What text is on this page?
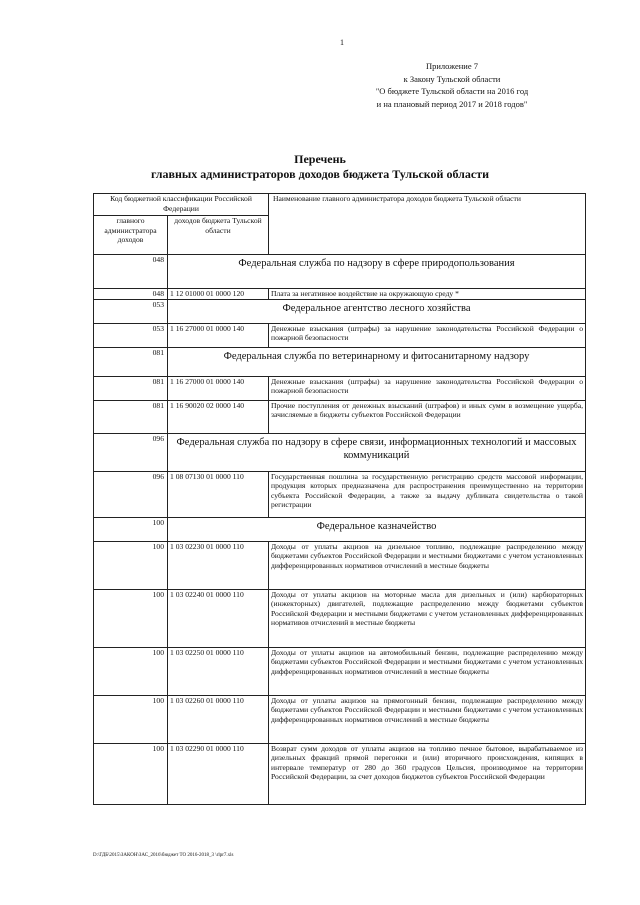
1
Приложение 7
к Закону Тульской области
"О бюджете Тульской области на 2016 год
и на плановый период 2017 и 2018 годов"
Перечень
главных администраторов доходов бюджета Тульской области
Код бюджетной классификации Российской Федерации		Наименование главного администратора доходов бюджета Тульской области
главного администратора доходов	доходов бюджета Тульской области	
048	Федеральная служба по надзору в сфере природопользования	
048	1 12 01000 01 0000 120	Плата за негативное воздействие на окружающую среду *
053	Федеральное агентство лесного хозяйства	
053	1 16 27000 01 0000 140	Денежные взыскания (штрафы) за нарушение законодательства Российской Федерации о пожарной безопасности
081	Федеральная служба по ветеринарному и фитосанитарному надзору	
081	1 16 27000 01 0000 140	Денежные взыскания (штрафы) за нарушение законодательства Российской Федерации о пожарной безопасности
081	1 16 90020 02 0000 140	Прочие поступления от денежных взысканий (штрафов) и иных сумм в возмещение ущерба, зачисляемые в бюджеты субъектов Российской Федерации
096	Федеральная служба по надзору в сфере связи, информационных технологий и массовых коммуникаций	
096	1 08 07130 01 0000 110	Государственная пошлина за государственную регистрацию средств массовой информации, продукция которых предназначена для распространения преимущественно на территории субъекта Российской Федерации, а также за выдачу дубликата свидетельства о такой регистрации
100	Федеральное казначейство	
100	1 03 02230 01 0000 110	Доходы от уплаты акцизов на дизельное топливо, подлежащие распределению между бюджетами субъектов Российской Федерации и местными бюджетами с учетом установленных дифференцированных нормативов отчислений в местные бюджеты
100	1 03 02240 01 0000 110	Доходы от уплаты акцизов на моторные масла для дизельных и (или) карбюраторных (инжекторных) двигателей, подлежащие распределению между бюджетами субъектов Российской Федерации и местными бюджетами с учетом установленных дифференцированных нормативов отчислений в местные бюджеты
100	1 03 02250 01 0000 110	Доходы от уплаты акцизов на автомобильный бензин, подлежащие распределению между бюджетами субъектов Российской Федерации и местными бюджетами с учетом установленных дифференцированных нормативов отчислений в местные бюджеты
100	1 03 02260 01 0000 110	Доходы от уплаты акцизов на прямогонный бензин, подлежащие распределению между бюджетами субъектов Российской Федерации и местными бюджетами с учетом установленных дифференцированных нормативов отчислений в местные бюджеты
100	1 03 02290 01 0000 110	Возврат сумм доходов от уплаты акцизов на топливо печное бытовое, вырабатываемое из дизельных фракций прямой перегонки и (или) вторичного происхождения, кипящих в интервале температур от 280 до 360 градусов Цельсия, производимое на территории Российской Федерации, за счет доходов бюджетов субъектов Российской Федерации
D:\ГДБ\2015\ЗАКОН\ЗАС_2016\бюджет ТО 2016-2018_3 \rlpr7.xls
